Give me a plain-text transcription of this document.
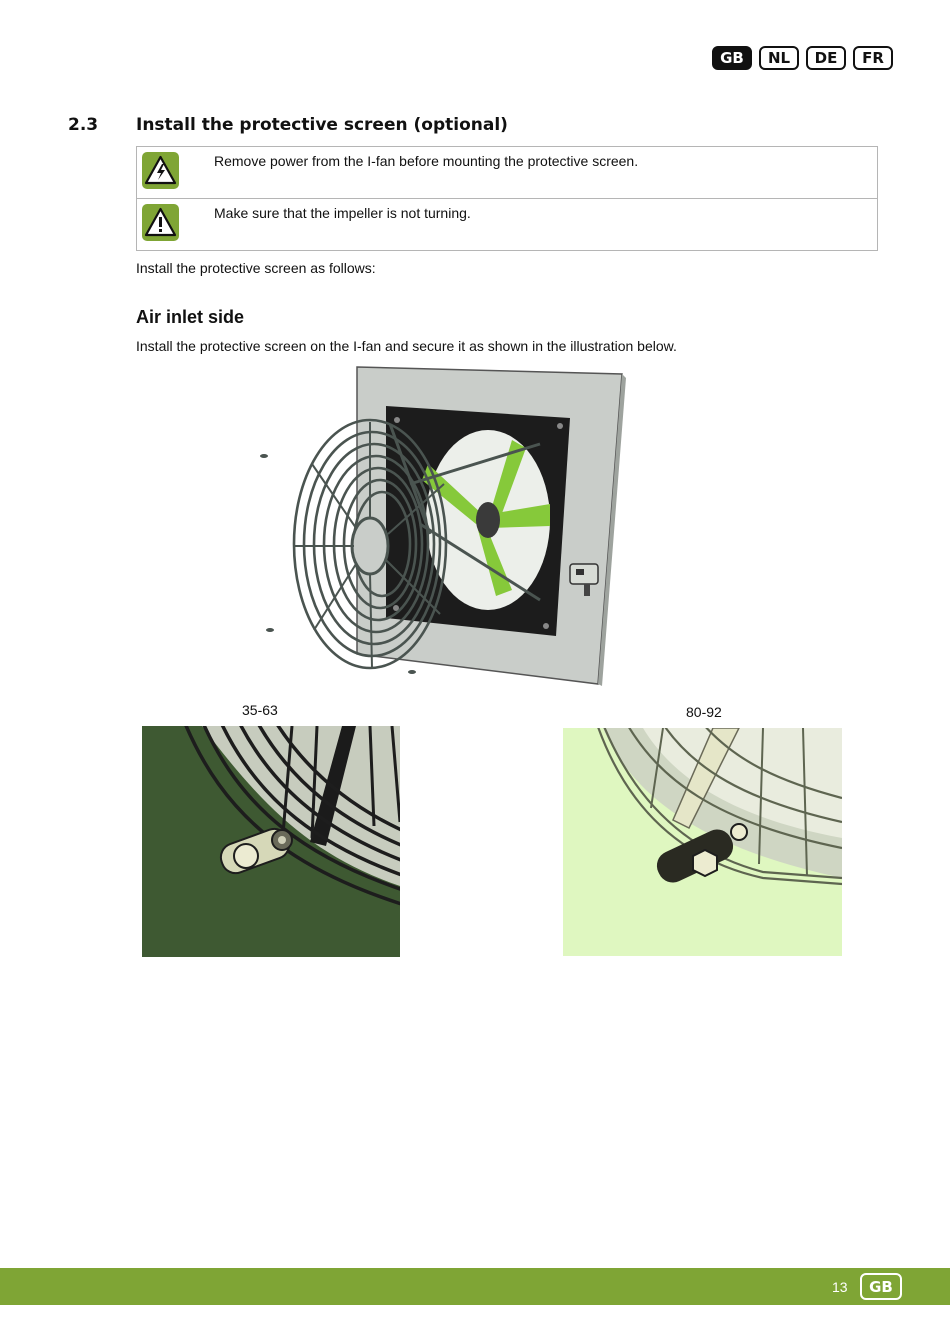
GB	NL	DE	FR
2.3 Install the protective screen (optional)
Remove power from the I-fan before mounting the protective screen.
Make sure that the impeller is not turning.
Install the protective screen as follows:
Air inlet side
Install the protective screen on the I-fan and secure it as shown in the illustration below.
35-63	80-92
13	GB
